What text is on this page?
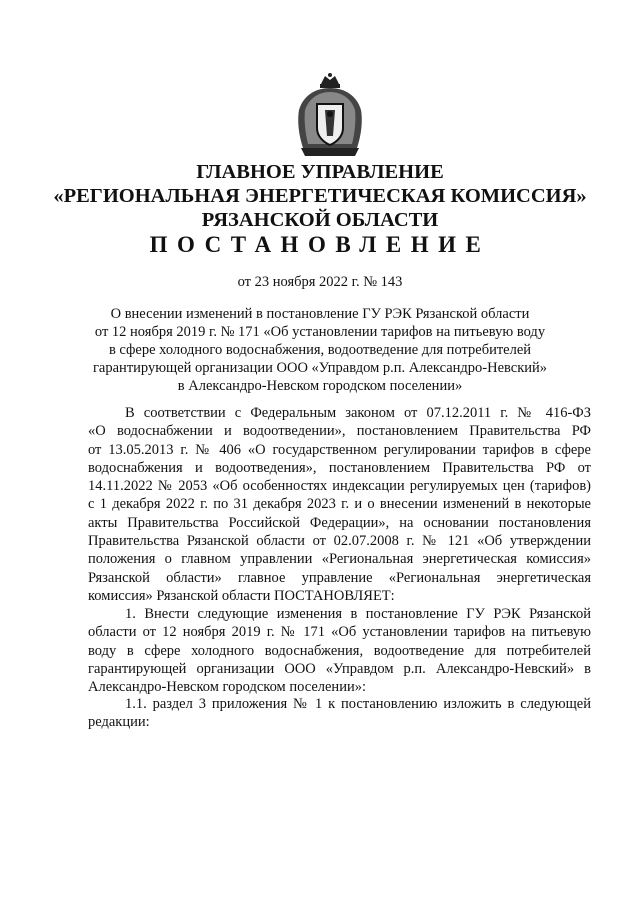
ГЛАВНОЕ УПРАВЛЕНИЕ
«РЕГИОНАЛЬНАЯ ЭНЕРГЕТИЧЕСКАЯ КОМИССИЯ»
РЯЗАНСКОЙ ОБЛАСТИ
ПОСТАНОВЛЕНИЕ
от 23 ноября 2022 г. № 143
О внесении изменений в постановление ГУ РЭК Рязанской области
от 12 ноября 2019 г. № 171 «Об установлении тарифов на питьевую воду
в сфере холодного водоснабжения, водоотведение для потребителей
гарантирующей организации ООО «Управдом р.п. Александро-Невский»
в Александро-Невском городском поселении»
В соответствии с Федеральным законом от 07.12.2011 г. № 416-ФЗ
«О водоснабжении и водоотведении», постановлением Правительства РФ
от 13.05.2013 г. № 406 «О государственном регулировании тарифов в сфере
водоснабжения и водоотведения», постановлением Правительства РФ от
14.11.2022 № 2053 «Об особенностях индексации регулируемых цен (тарифов)
с 1 декабря 2022 г. по 31 декабря 2023 г. и о внесении изменений в некоторые
акты Правительства Российской Федерации», на основании постановления
Правительства Рязанской области от 02.07.2008 г. № 121 «Об утверждении
положения о главном управлении «Региональная энергетическая комиссия»
Рязанской области» главное управление «Региональная энергетическая
комиссия» Рязанской области ПОСТАНОВЛЯЕТ:
1. Внести следующие изменения в постановление ГУ РЭК Рязанской
области от 12 ноября 2019 г. № 171 «Об установлении тарифов на питьевую
воду в сфере холодного водоснабжения, водоотведение для потребителей
гарантирующей организации ООО «Управдом р.п. Александро-Невский» в
Александро-Невском городском поселении»:
1.1. раздел 3 приложения № 1 к постановлению изложить в следующей
редакции:
